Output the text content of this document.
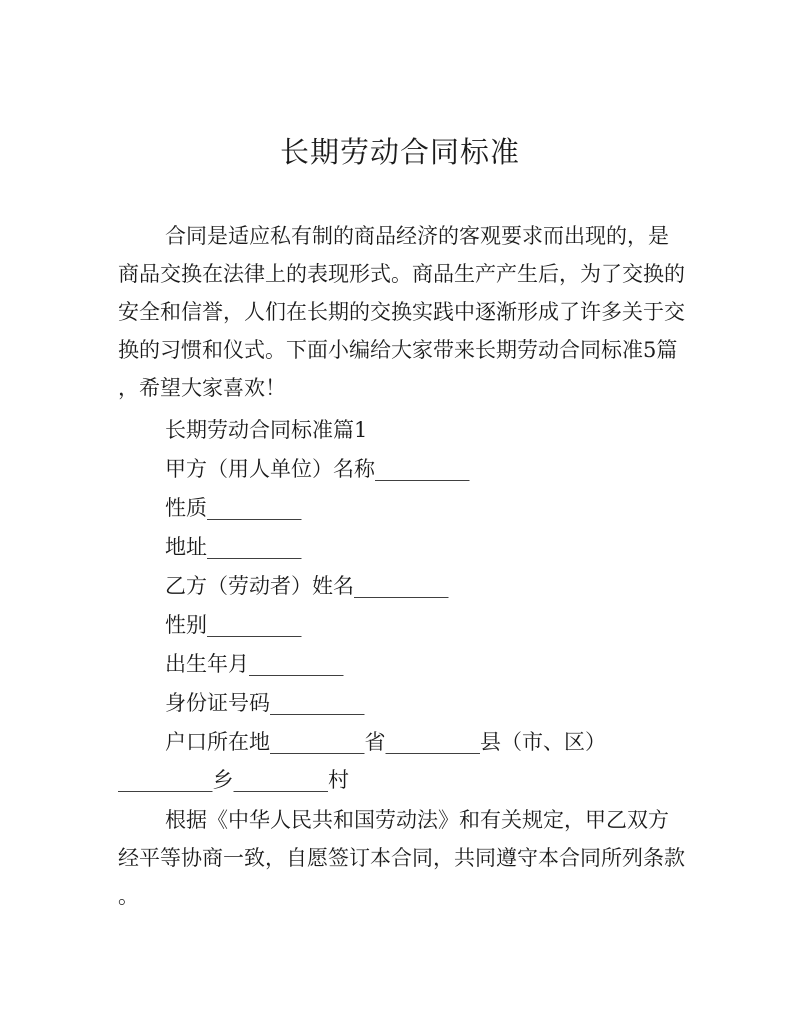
长期劳动合同标准
合同是适应私有制的商品经济的客观要求而出现的，是
商品交换在法律上的表现形式。商品生产产生后，为了交换的
安全和信誉，人们在长期的交换实践中逐渐形成了许多关于交
换的习惯和仪式。下面小编给大家带来长期劳动合同标准5篇
，希望大家喜欢！
长期劳动合同标准篇1
甲方（用人单位）名称_________
性质_________
地址_________
乙方（劳动者）姓名_________
性别_________
出生年月_________
身份证号码_________
户口所在地_________省_________县（市、区）
_________乡_________村
根据《中华人民共和国劳动法》和有关规定，甲乙双方
经平等协商一致，自愿签订本合同，共同遵守本合同所列条款
。
